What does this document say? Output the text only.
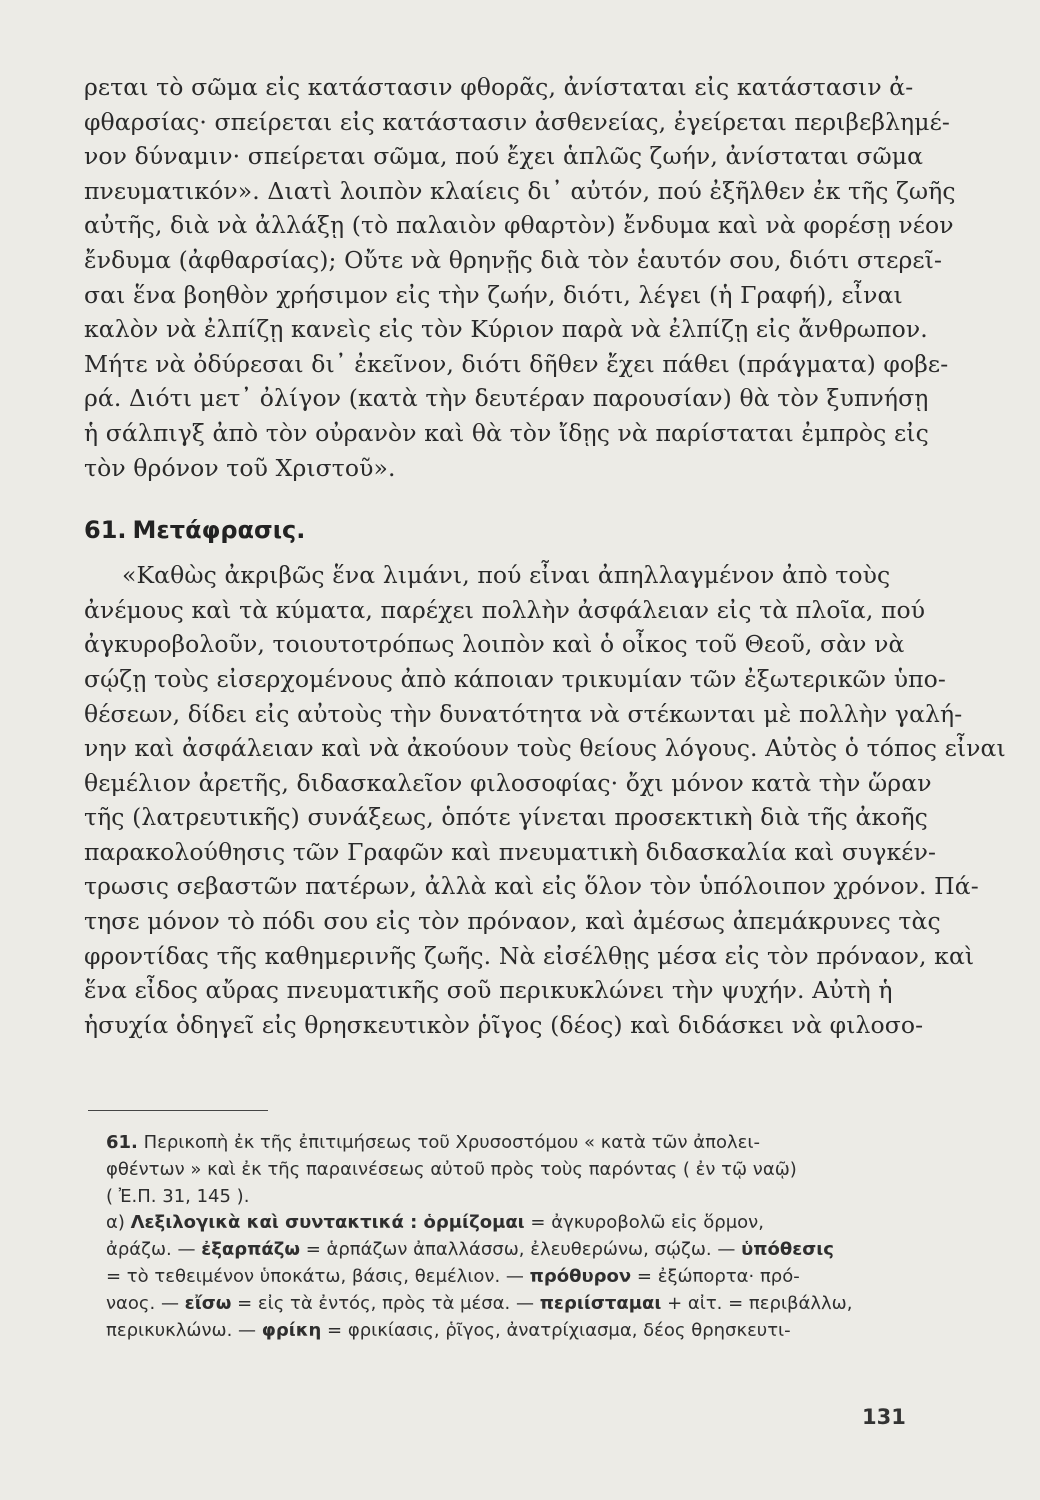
ρεται τὸ σῶμα εἰς κατάστασιν φθορᾶς, ἀνίσταται εἰς κατάστασιν ἀ-
φθαρσίας· σπείρεται εἰς κατάστασιν ἀσθενείας, ἐγείρεται περιβεβλημέ-
νον δύναμιν· σπείρεται σῶμα, πού ἔχει ἁπλῶς ζωήν, ἀνίσταται σῶμα
πνευματικόν». Διατὶ λοιπὸν κλαίεις δι᾽ αὐτόν, πού ἐξῆλθεν ἐκ τῆς ζωῆς
αὐτῆς, διὰ νὰ ἀλλάξῃ (τὸ παλαιὸν φθαρτὸν) ἔνδυμα καὶ νὰ φορέσῃ νέον
ἔνδυμα (ἀφθαρσίας); Οὔτε νὰ θρηνῇς διὰ τὸν ἑαυτόν σου, διότι στερεῖ-
σαι ἕνα βοηθὸν χρήσιμον εἰς τὴν ζωήν, διότι, λέγει (ἡ Γραφή), εἶναι
καλὸν νὰ ἐλπίζῃ κανεὶς εἰς τὸν Κύριον παρὰ νὰ ἐλπίζῃ εἰς ἄνθρωπον.
Μήτε νὰ ὀδύρεσαι δι᾽ ἐκεῖνον, διότι δῆθεν ἔχει πάθει (πράγματα) φοβε-
ρά. Διότι μετ᾽ ὀλίγον (κατὰ τὴν δευτέραν παρουσίαν) θὰ τὸν ξυπνήσῃ
ἡ σάλπιγξ ἀπὸ τὸν οὐρανὸν καὶ θὰ τὸν ἴδῃς νὰ παρίσταται ἐμπρὸς εἰς
τὸν θρόνον τοῦ Χριστοῦ».
61. Μετάφρασις.
«Καθὼς ἀκριβῶς ἕνα λιμάνι, πού εἶναι ἀπηλλαγμένον ἀπὸ τοὺς
ἀνέμους καὶ τὰ κύματα, παρέχει πολλὴν ἀσφάλειαν εἰς τὰ πλοῖα, πού
ἀγκυροβολοῦν, τοιουτοτρόπως λοιπὸν καὶ ὁ οἶκος τοῦ Θεοῦ, σὰν νὰ
σῴζῃ τοὺς εἰσερχομένους ἀπὸ κάποιαν τρικυμίαν τῶν ἐξωτερικῶν ὑπο-
θέσεων, δίδει εἰς αὐτοὺς τὴν δυνατότητα νὰ στέκωνται μὲ πολλὴν γαλή-
νην καὶ ἀσφάλειαν καὶ νὰ ἀκούουν τοὺς θείους λόγους. Αὐτὸς ὁ τόπος εἶναι
θεμέλιον ἀρετῆς, διδασκαλεῖον φιλοσοφίας· ὄχι μόνον κατὰ τὴν ὥραν
τῆς (λατρευτικῆς) συνάξεως, ὁπότε γίνεται προσεκτικὴ διὰ τῆς ἀκοῆς
παρακολούθησις τῶν Γραφῶν καὶ πνευματικὴ διδασκαλία καὶ συγκέν-
τρωσις σεβαστῶν πατέρων, ἀλλὰ καὶ εἰς ὅλον τὸν ὑπόλοιπον χρόνον. Πά-
τησε μόνον τὸ πόδι σου εἰς τὸν πρόναον, καὶ ἀμέσως ἀπεμάκρυνες τὰς
φροντίδας τῆς καθημερινῆς ζωῆς. Νὰ εἰσέλθῃς μέσα εἰς τὸν πρόναον, καὶ
ἕνα εἶδος αὔρας πνευματικῆς σοῦ περικυκλώνει τὴν ψυχήν. Αὐτὴ ἡ
ἡσυχία ὁδηγεῖ εἰς θρησκευτικὸν ῥῖγος (δέος) καὶ διδάσκει νὰ φιλοσο-
61. Περικοπὴ ἐκ τῆς ἐπιτιμήσεως τοῦ Χρυσοστόμου « κατὰ τῶν ἀπολει-
φθέντων » καὶ ἐκ τῆς παραινέσεως αὐτοῦ πρὸς τοὺς παρόντας ( ἐν τῷ ναῷ)
( Ἐ.Π. 31, 145 ).
α) Λεξιλογικὰ καὶ συντακτικά : ὁρμίζομαι = ἀγκυροβολῶ εἰς ὅρμον,
ἀράζω. — ἐξαρπάζω = ἁρπάζων ἀπαλλάσσω, ἐλευθερώνω, σῴζω. — ὑπόθεσις
= τὸ τεθειμένον ὑποκάτω, βάσις, θεμέλιον. — πρόθυρον = ἐξώπορτα· πρό-
ναος. — εἴσω = εἰς τὰ ἐντός, πρὸς τὰ μέσα. — περιίσταμαι + αἰτ. = περιβάλλω,
περικυκλώνω. — φρίκη = φρικίασις, ῥῖγος, ἀνατρίχιασμα, δέος θρησκευτι-
131
